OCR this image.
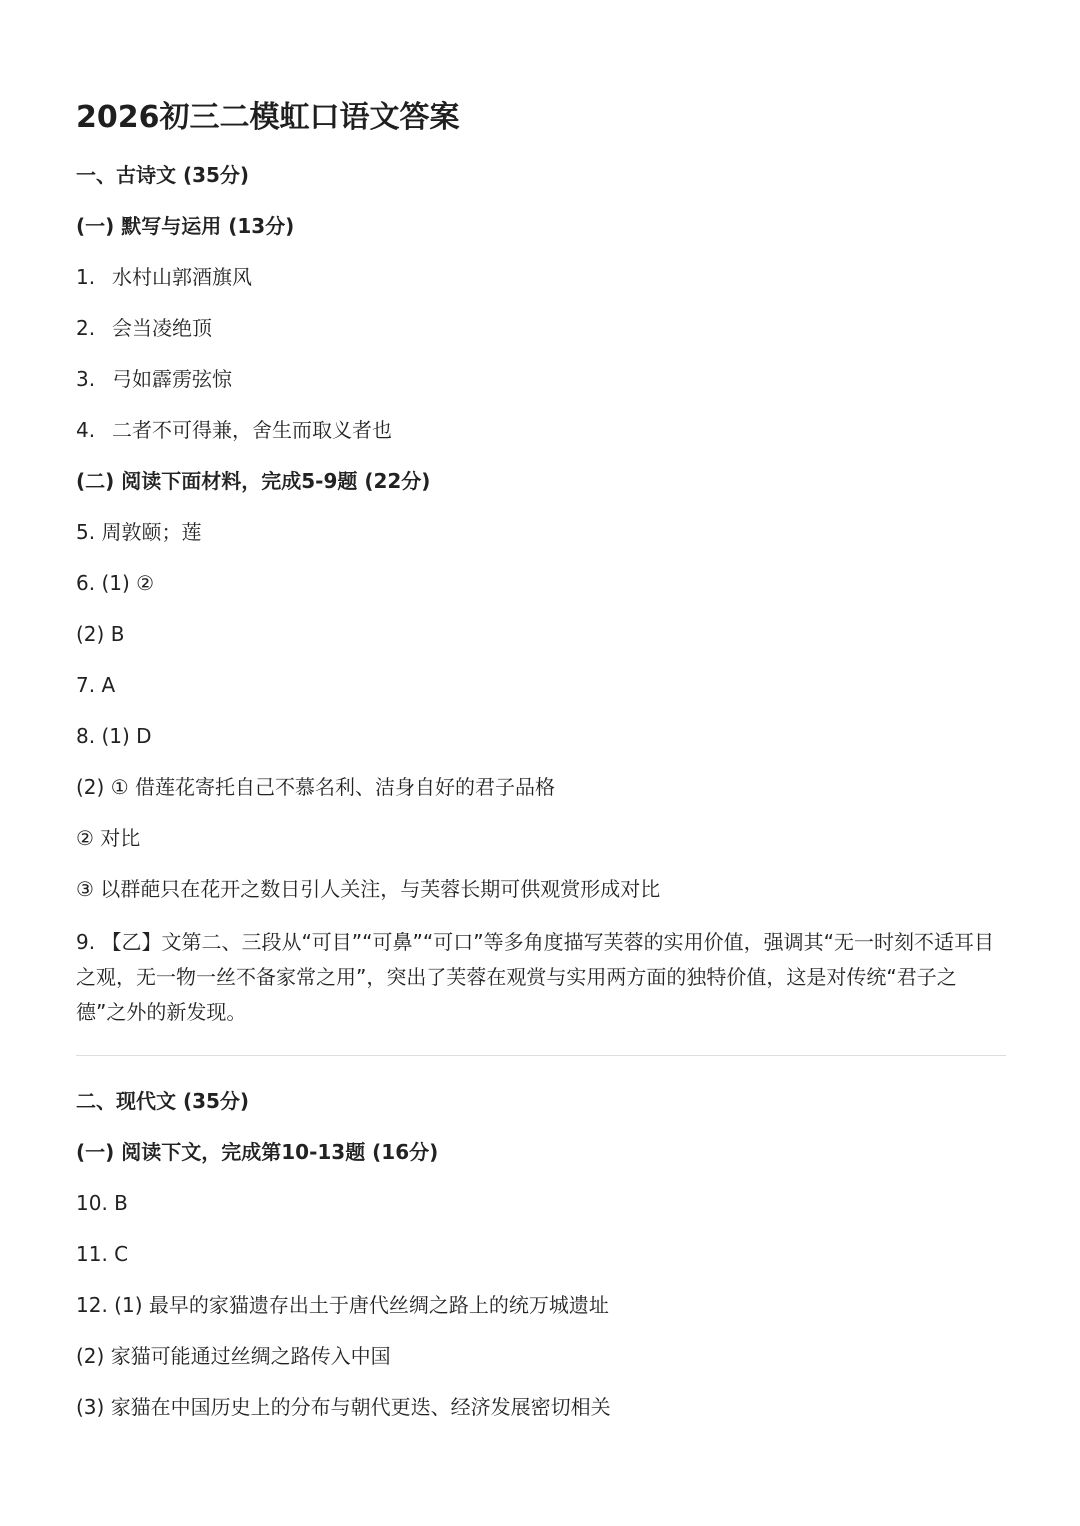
2026初三二模虹口语文答案
一、古诗文 (35分)
(一) 默写与运用 (13分)
1. 水村山郭酒旗风
2. 会当凌绝顶
3. 弓如霹雳弦惊
4. 二者不可得兼，舍生而取义者也
(二) 阅读下面材料，完成5-9题 (22分)
5. 周敦颐；莲
6. (1) ②
(2) B
7. A
8. (1) D
(2) ① 借莲花寄托自己不慕名利、洁身自好的君子品格
② 对比
③ 以群葩只在花开之数日引人关注，与芙蓉长期可供观赏形成对比
9. 【乙】文第二、三段从“可目”“可鼻”“可口”等多角度描写芙蓉的实用价值，强调其“无一时刻不适耳目之观，无一物一丝不备家常之用”，突出了芙蓉在观赏与实用两方面的独特价值，这是对传统“君子之德”之外的新发现。
二、现代文 (35分)
(一) 阅读下文，完成第10-13题 (16分)
10. B
11. C
12. (1) 最早的家猫遗存出土于唐代丝绸之路上的统万城遗址
(2) 家猫可能通过丝绸之路传入中国
(3) 家猫在中国历史上的分布与朝代更迭、经济发展密切相关
